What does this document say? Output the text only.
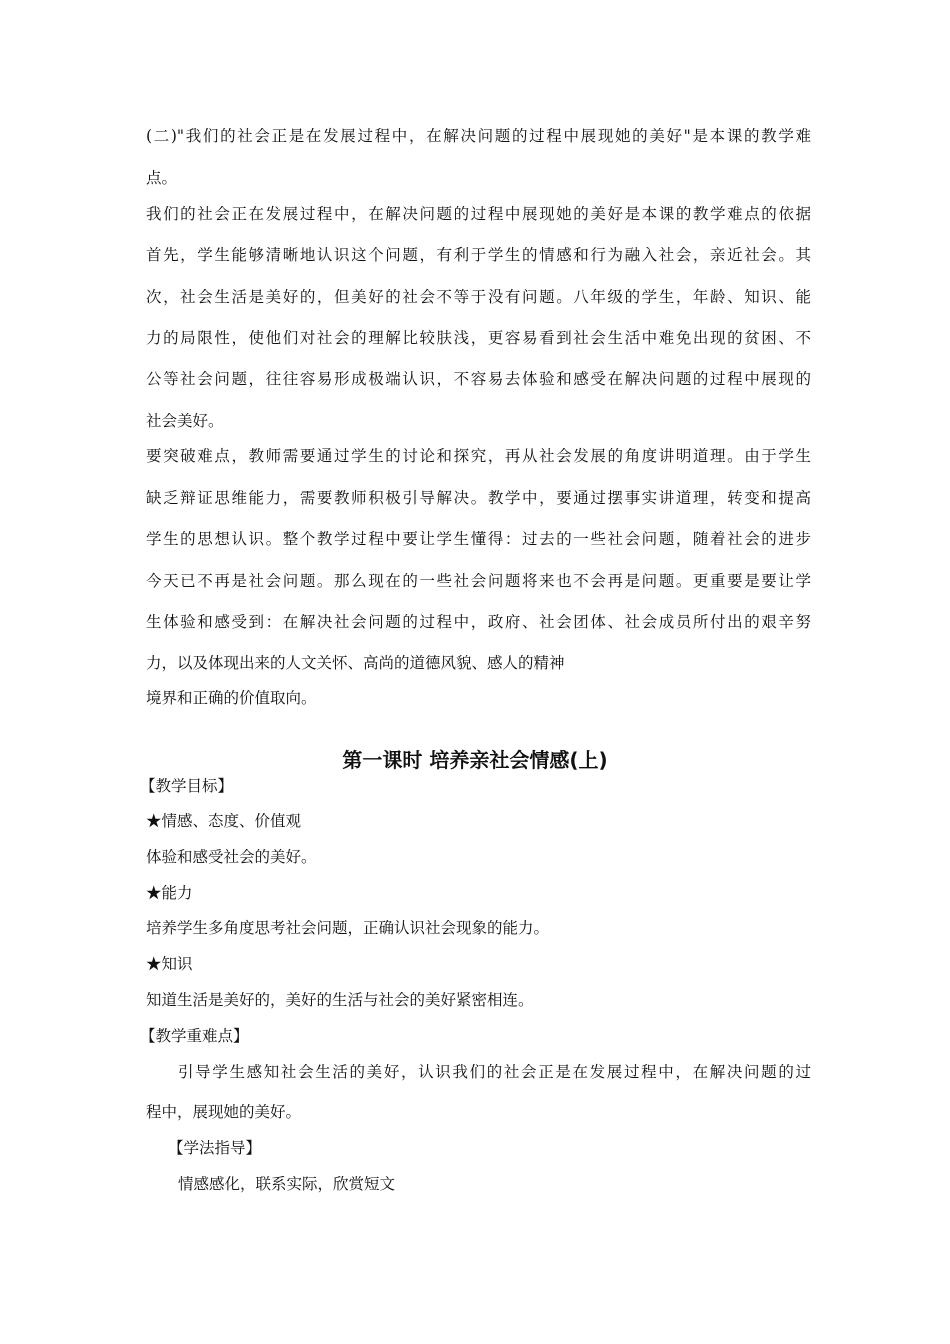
(二)"我们的社会正是在发展过程中，在解决问题的过程中展现她的美好"是本课的教学难
点。
我们的社会正在发展过程中，在解决问题的过程中展现她的美好是本课的教学难点的依据
首先，学生能够清晰地认识这个问题，有利于学生的情感和行为融入社会，亲近社会。其
次，社会生活是美好的，但美好的社会不等于没有问题。八年级的学生，年龄、知识、能
力的局限性，使他们对社会的理解比较肤浅，更容易看到社会生活中难免出现的贫困、不
公等社会问题，往往容易形成极端认识，不容易去体验和感受在解决问题的过程中展现的
社会美好。
要突破难点，教师需要通过学生的讨论和探究，再从社会发展的角度讲明道理。由于学生
缺乏辩证思维能力，需要教师积极引导解决。教学中，要通过摆事实讲道理，转变和提高
学生的思想认识。整个教学过程中要让学生懂得：过去的一些社会问题，随着社会的进步
今天已不再是社会问题。那么现在的一些社会问题将来也不会再是问题。更重要是要让学
生体验和感受到：在解决社会问题的过程中，政府、社会团体、社会成员所付出的艰辛努
力，以及体现出来的人文关怀、高尚的道德风貌、感人的精神
境界和正确的价值取向。
第一课时 培养亲社会情感(上)
【教学目标】
★情感、态度、价值观
体验和感受社会的美好。
★能力
培养学生多角度思考社会问题，正确认识社会现象的能力。
★知识
知道生活是美好的，美好的生活与社会的美好紧密相连。
【教学重难点】
引导学生感知社会生活的美好，认识我们的社会正是在发展过程中，在解决问题的过
程中，展现她的美好。
【学法指导】
情感感化，联系实际，欣赏短文
